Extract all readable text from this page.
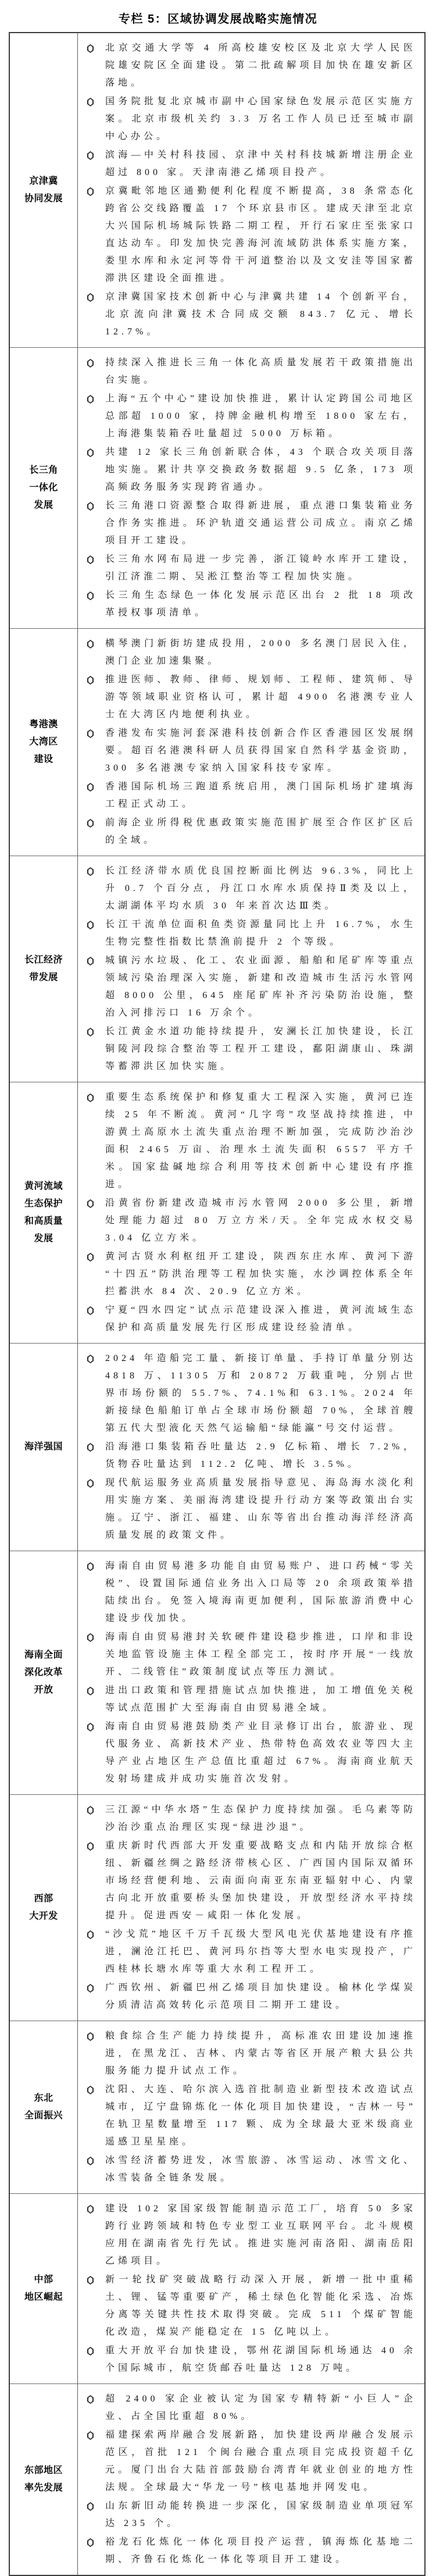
专栏 5：区域协调发展战略实施情况
京津冀
协同发展
北京交通大学等 4 所高校雄安校区及北京大学人民医院雄安院区全面建设。第二批疏解项目加快在雄安新区落地。
国务院批复北京城市副中心国家绿色发展示范区实施方案。北京市级机关约 3.3 万名工作人员已迁至城市副中心办公。
滨海—中关村科技园、京津中关村科技城新增注册企业超过 800 家。天津南港乙烯项目投产。
京冀毗邻地区通勤便利化程度不断提高，38 条常态化跨省公交线路覆盖 17 个环京县市区。建成天津至北京大兴国际机场城际铁路二期工程，开行石家庄至张家口直达动车。印发加快完善海河流域防洪体系实施方案，娄里水库和永定河等骨干河道整治以及文安洼等国家蓄滞洪区建设全面推进。
京津冀国家技术创新中心与津冀共建 14 个创新平台，北京流向津冀技术合同成交额 843.7 亿元、增长 12.7%。
长三角
一体化
发展
持续深入推进长三角一体化高质量发展若干政策措施出台实施。
上海“五个中心”建设加快推进，累计认定跨国公司地区总部超 1000 家，持牌金融机构增至 1800 家左右，上海港集装箱吞吐量超过 5000 万标箱。
共建 12 家长三角创新联合体，43 个联合攻关项目落地实施。累计共享交换政务数据超 9.5 亿条，173 项高频政务服务实现跨省通办。
长三角港口资源整合取得新进展，重点港口集装箱业务合作务实推进。环沪轨道交通运营公司成立。南京乙烯项目开工建设。
长三角水网布局进一步完善，浙江镜岭水库开工建设，引江济淮二期、吴淞江整治等工程加快实施。
长三角生态绿色一体化发展示范区出台 2 批 18 项改革授权事项清单。
粤港澳
大湾区
建设
横琴澳门新街坊建成投用，2000 多名澳门居民入住，澳门企业加速集聚。
推进医师、教师、律师、规划师、工程师、建筑师、导游等领域职业资格认可，累计超 4900 名港澳专业人士在大湾区内地便利执业。
香港发布实施河套深港科技创新合作区香港园区发展纲要。超百名港澳科研人员获得国家自然科学基金资助，300 多名港澳专家纳入国家科技专家库。
香港国际机场三跑道系统启用，澳门国际机场扩建填海工程正式动工。
前海企业所得税优惠政策实施范围扩展至合作区扩区后的全域。
长江经济
带发展
长江经济带水质优良国控断面比例达 96.3%，同比上升 0.7 个百分点，丹江口水库水质保持Ⅱ类及以上，太湖湖体平均水质 30 年来首次达Ⅲ类。
长江干流单位面积鱼类资源量同比上升 16.7%，水生生物完整性指数比禁渔前提升 2 个等级。
城镇污水垃圾、化工、农业面源、船舶和尾矿库等重点领域污染治理深入实施，新建和改造城市生活污水管网超 8000 公里，645 座尾矿库补齐污染防治设施，整治入河排污口 16 万余个。
长江黄金水道功能持续提升，安澜长江加快建设，长江铜陵河段综合整治等工程开工建设，鄱阳湖康山、珠湖等蓄滞洪区加快实施。
黄河流域
生态保护
和高质量
发展
重要生态系统保护和修复重大工程深入实施，黄河已连续 25 年不断流。黄河“几字弯”攻坚战持续推进，中游黄土高原水土流失重点治理不断加强，完成防沙治沙面积 2465 万亩、治理水土流失面积 6557 平方千米。国家盐碱地综合利用等技术创新中心建设有序推进。
沿黄省份新建改造城市污水管网 2000 多公里，新增处理能力超过 80 万立方米/天。全年完成水权交易 3.04 亿立方米。
黄河古贤水利枢纽开工建设，陕西东庄水库、黄河下游“十四五”防洪治理等工程加快实施，水沙调控体系全年拦蓄洪水 84 次、20.9 亿立方米。
宁夏“四水四定”试点示范建设深入推进，黄河流域生态保护和高质量发展先行区形成建设经验清单。
海洋强国
2024 年造船完工量、新接订单量、手持订单量分别达 4818 万、11305 万和 20872 万载重吨，分别占世界市场份额的 55.7%、74.1%和 63.1%。2024 年新接绿色船舶订单占全球市场份额超 70%，全球首艘第五代大型液化天然气运输船“绿能瀛”号交付运营。
沿海港口集装箱吞吐量达 2.9 亿标箱、增长 7.2%，货物吞吐量达到 112.2 亿吨、增长 3.5%。
现代航运服务业高质量发展指导意见、海岛海水淡化利用实施方案、美丽海湾建设提升行动方案等政策出台实施。辽宁、浙江、福建、山东等省出台推动海洋经济高质量发展的政策文件。
海南全面
深化改革
开放
海南自由贸易港多功能自由贸易账户、进口药械“零关税”、设置国际通信业务出入口局等 20 余项政策举措陆续出台。免签入境海南更加便利，国际旅游消费中心建设步伐加快。
海南自由贸易港封关软硬件建设稳步推进，口岸和非设关地监管设施主体工程全部完工，按时序开展“一线放开、二线管住”政策制度试点等压力测试。
进出口政策和管理措施试点加快推进，加工增值免关税等试点范围扩大至海南自由贸易港全域。
海南自由贸易港鼓励类产业目录修订出台，旅游业、现代服务业、高新技术产业、热带特色高效农业等四大主导产业占地区生产总值比重超过 67%。海南商业航天发射场建成并成功实施首次发射。
西部
大开发
三江源“中华水塔”生态保护力度持续加强。毛乌素等防沙治沙重点治理区实现“绿进沙退”。
重庆新时代西部大开发重要战略支点和内陆开放综合枢纽、新疆丝绸之路经济带核心区、广西国内国际双循环市场经营便利地、云南面向南亚东南亚辐射中心、内蒙古向北开放重要桥头堡加快建设，开放型经济水平持续提升。促进西安－咸阳一体化发展。
“沙戈荒”地区千万千瓦级大型风电光伏基地建设有序推进，澜沧江托巴、黄河玛尔挡等大型水电实现投产，广西桂林长塘水库等重大水利工程开工。
广西钦州、新疆巴州乙烯项目加快建设。榆林化学煤炭分质清洁高效转化示范项目二期开工建设。
东北
全面振兴
粮食综合生产能力持续提升，高标准农田建设加速推进，在黑龙江、吉林、内蒙古等省区开展产粮大县公共服务能力提升试点工作。
沈阳、大连、哈尔滨入选首批制造业新型技术改造试点城市，辽宁盘锦炼化一体化项目加快建设，“吉林一号”在轨卫星数量增至 117 颗、成为全球最大亚米级商业遥感卫星星座。
冰雪经济蓄势迸发，冰雪旅游、冰雪运动、冰雪文化、冰雪装备全链条发展。
中部
地区崛起
建设 102 家国家级智能制造示范工厂，培育 50 多家跨行业跨领域和特色专业型工业互联网平台。北斗规模应用在湖南省先行先试。推进实施河南洛阳、湖南岳阳乙烯项目。
新一轮找矿突破战略行动深入开展，新增一批中重稀土、锂、锰等重要矿产，稀土绿色化智能化采选、冶炼分离等关键共性技术取得突破。完成 511 个煤矿智能化改造，煤炭产能稳定在 15 亿吨以上。
重大开放平台加快建设，鄂州花湖国际机场通达 40 余个国际城市，航空货邮吞吐量达 128 万吨。
东部地区
率先发展
超 2400 家企业被认定为国家专精特新“小巨人”企业、占全国比重超 80%。
福建探索两岸融合发展新路，加快建设两岸融合发展示范区，首批 121 个闽台融合重点项目完成投资超千亿元。厦门出台大陆首部鼓励台湾青年就业创业的地方性法规。全球最大“华龙一号”核电基地并网发电。
山东新旧动能转换进一步深化，国家级制造业单项冠军达 235 个。
裕龙石化炼化一体化项目投产运营，镇海炼化基地二期、齐鲁石化炼化一体化等项目开工建设。
